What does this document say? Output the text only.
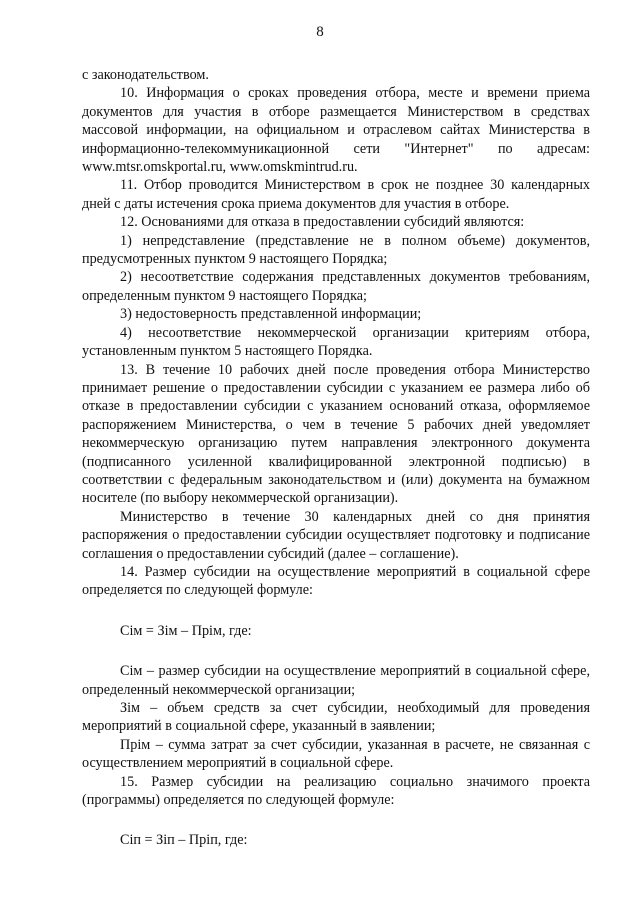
8

с законодательством.

10. Информация о сроках проведения отбора, месте и времени приема документов для участия в отборе размещается Министерством в средствах массовой информации, на официальном и отраслевом сайтах Министерства в информационно-телекоммуникационной сети "Интернет" по адресам: www.mtsr.omskportal.ru, www.omskmintrud.ru.

11. Отбор проводится Министерством в срок не позднее 30 календарных дней с даты истечения срока приема документов для участия в отборе.

12. Основаниями для отказа в предоставлении субсидий являются:

1) непредставление (представление не в полном объеме) документов, предусмотренных пунктом 9 настоящего Порядка;

2) несоответствие содержания представленных документов требованиям, определенным пунктом 9 настоящего Порядка;

3) недостоверность представленной информации;

4) несоответствие некоммерческой организации критериям отбора, установленным пунктом 5 настоящего Порядка.

13. В течение 10 рабочих дней после проведения отбора Министерство принимает решение о предоставлении субсидии с указанием ее размера либо об отказе в предоставлении субсидии с указанием оснований отказа, оформляемое распоряжением Министерства, о чем в течение 5 рабочих дней уведомляет некоммерческую организацию путем направления электронного документа (подписанного усиленной квалифицированной электронной подписью) в соответствии с федеральным законодательством и (или) документа на бумажном носителе (по выбору некоммерческой организации).

Министерство в течение 30 календарных дней со дня принятия распоряжения о предоставлении субсидии осуществляет подготовку и подписание соглашения о предоставлении субсидий (далее – соглашение).

14. Размер субсидии на осуществление мероприятий в социальной сфере определяется по следующей формуле:

Cім = Зім – Прім, где:

Cім – размер субсидии на осуществление мероприятий в социальной сфере, определенный некоммерческой организации;

Зім – объем средств за счет субсидии, необходимый для проведения мероприятий в социальной сфере, указанный в заявлении;

Прім – сумма затрат за счет субсидии, указанная в расчете, не связанная с осуществлением мероприятий в социальной сфере.

15. Размер субсидии на реализацию социально значимого проекта (программы) определяется по следующей формуле:

Ciп = Зiп – Пріп, где:
